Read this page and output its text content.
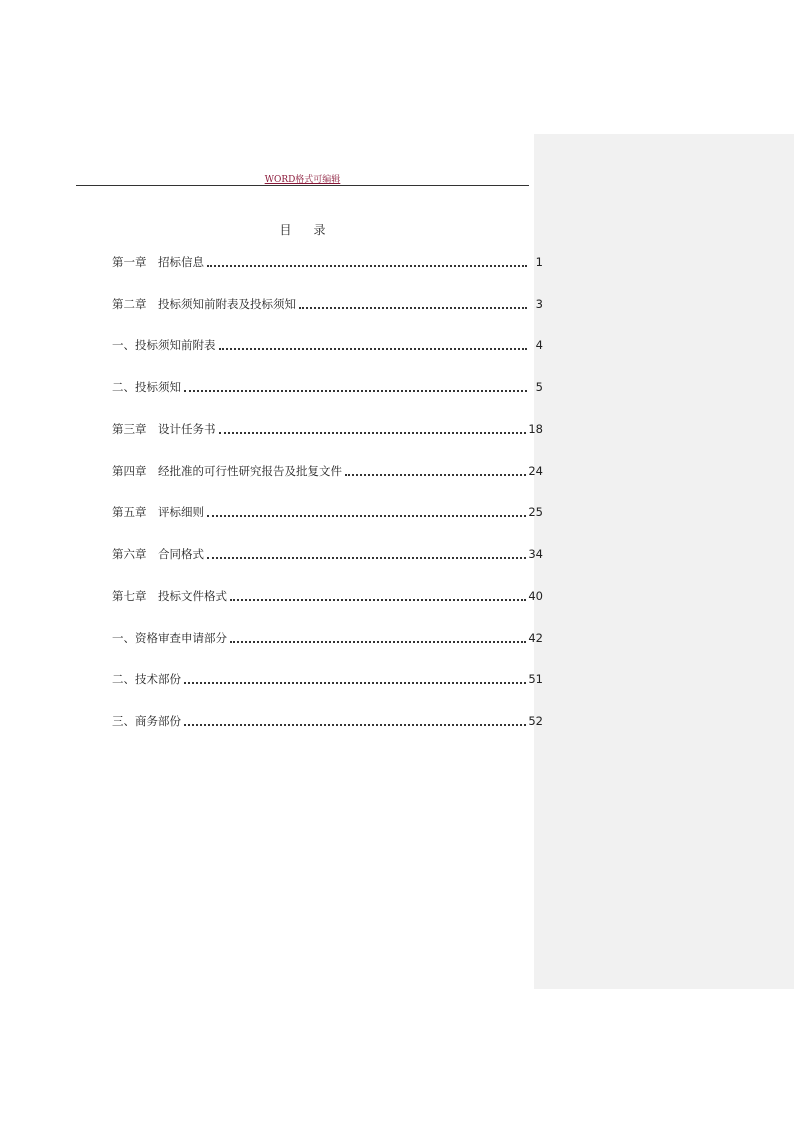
WORD格式可编辑
目录
第一章　招标信息	1
第二章　投标须知前附表及投标须知	3
一、投标须知前附表	4
二、投标须知	5
第三章　设计任务书	18
第四章　经批准的可行性研究报告及批复文件	24
第五章　评标细则	25
第六章　合同格式	34
第七章　投标文件格式	40
一、资格审查申请部分	42
二、技术部份	51
三、商务部份	52
